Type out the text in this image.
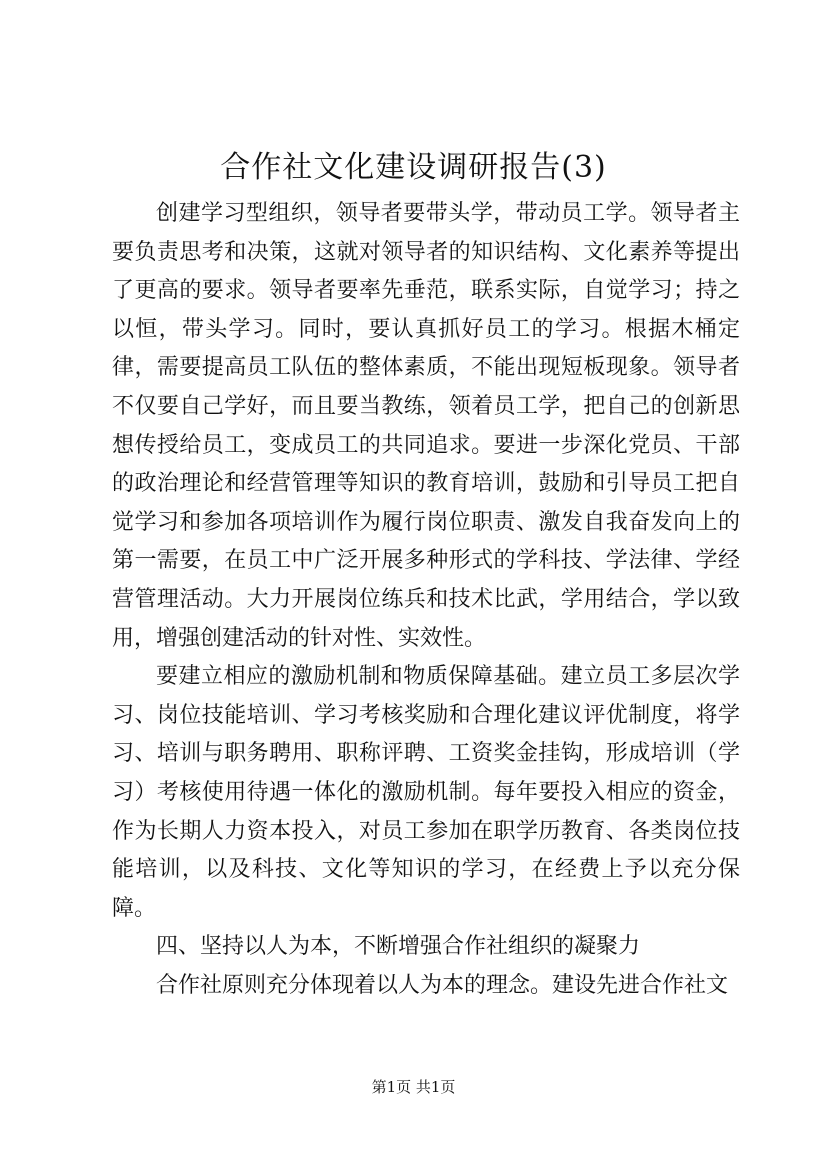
合作社文化建设调研报告(3)

创建学习型组织，领导者要带头学，带动员工学。领导者主要负责思考和决策，这就对领导者的知识结构、文化素养等提出了更高的要求。领导者要率先垂范，联系实际，自觉学习；持之以恒，带头学习。同时，要认真抓好员工的学习。根据木桶定律，需要提高员工队伍的整体素质，不能出现短板现象。领导者不仅要自己学好，而且要当教练，领着员工学，把自己的创新思想传授给员工，变成员工的共同追求。要进一步深化党员、干部的政治理论和经营管理等知识的教育培训，鼓励和引导员工把自觉学习和参加各项培训作为履行岗位职责、激发自我奋发向上的第一需要，在员工中广泛开展多种形式的学科技、学法律、学经营管理活动。大力开展岗位练兵和技术比武，学用结合，学以致用，增强创建活动的针对性、实效性。

要建立相应的激励机制和物质保障基础。建立员工多层次学习、岗位技能培训、学习考核奖励和合理化建议评优制度，将学习、培训与职务聘用、职称评聘、工资奖金挂钩，形成培训（学习）考核使用待遇一体化的激励机制。每年要投入相应的资金，作为长期人力资本投入，对员工参加在职学历教育、各类岗位技能培训，以及科技、文化等知识的学习，在经费上予以充分保障。

四、坚持以人为本，不断增强合作社组织的凝聚力

合作社原则充分体现着以人为本的理念。建设先进合作社文

第1页 共1页
